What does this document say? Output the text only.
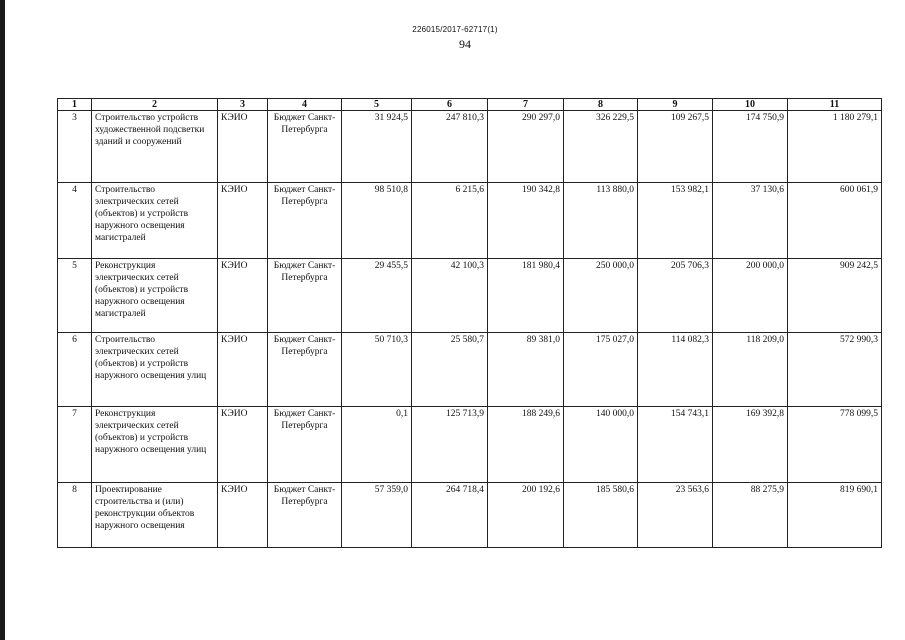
226015/2017-62717(1)
94
1	2	3	4	5	6	7	8	9	10	11
3	Строительство устройств художественной подсветки зданий и сооружений	КЭИО	Бюджет Санкт-Петербурга	31 924,5	247 810,3	290 297,0	326 229,5	109 267,5	174 750,9	1 180 279,1
4	Строительство электрических сетей (объектов) и устройств наружного освещения магистралей	КЭИО	Бюджет Санкт-Петербурга	98 510,8	6 215,6	190 342,8	113 880,0	153 982,1	37 130,6	600 061,9
5	Реконструкция электрических сетей (объектов) и устройств наружного освещения магистралей	КЭИО	Бюджет Санкт-Петербурга	29 455,5	42 100,3	181 980,4	250 000,0	205 706,3	200 000,0	909 242,5
6	Строительство электрических сетей (объектов) и устройств наружного освещения улиц	КЭИО	Бюджет Санкт-Петербурга	50 710,3	25 580,7	89 381,0	175 027,0	114 082,3	118 209,0	572 990,3
7	Реконструкция электрических сетей (объектов) и устройств наружного освещения улиц	КЭИО	Бюджет Санкт-Петербурга	0,1	125 713,9	188 249,6	140 000,0	154 743,1	169 392,8	778 099,5
8	Проектирование строительства и (или) реконструкции объектов наружного освещения	КЭИО	Бюджет Санкт-Петербурга	57 359,0	264 718,4	200 192,6	185 580,6	23 563,6	88 275,9	819 690,1
